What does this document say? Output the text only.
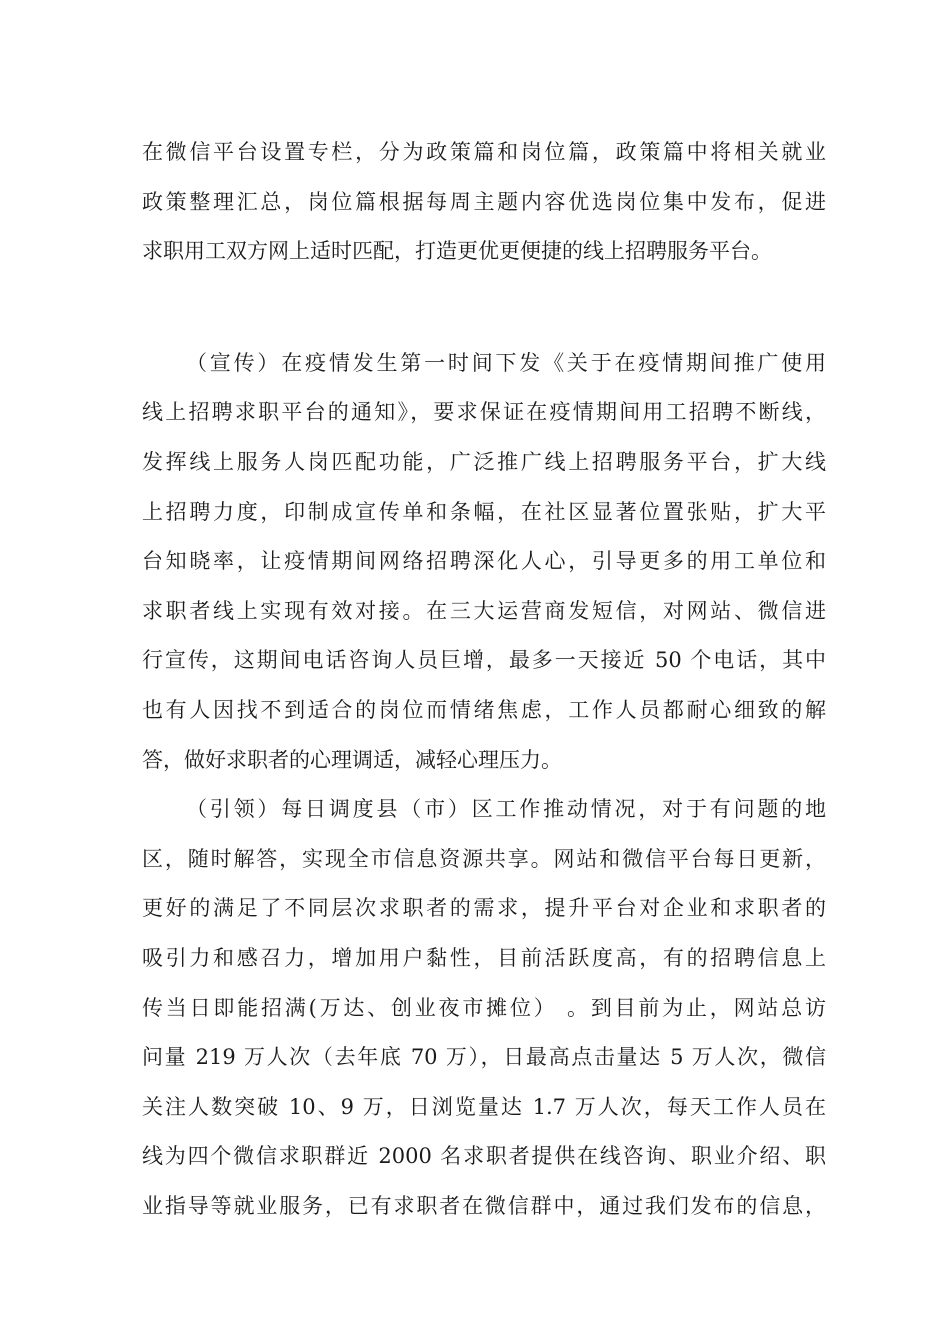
在微信平台设置专栏，分为政策篇和岗位篇，政策篇中将相关就业
政策整理汇总，岗位篇根据每周主题内容优选岗位集中发布，促进
求职用工双方网上适时匹配，打造更优更便捷的线上招聘服务平台。
（宣传）在疫情发生第一时间下发《关于在疫情期间推广使用
线上招聘求职平台的通知》，要求保证在疫情期间用工招聘不断线，
发挥线上服务人岗匹配功能，广泛推广线上招聘服务平台，扩大线
上招聘力度，印制成宣传单和条幅，在社区显著位置张贴，扩大平
台知晓率，让疫情期间网络招聘深化人心，引导更多的用工单位和
求职者线上实现有效对接。在三大运营商发短信，对网站、微信进
行宣传，这期间电话咨询人员巨增，最多一天接近 50 个电话，其中
也有人因找不到适合的岗位而情绪焦虑，工作人员都耐心细致的解
答，做好求职者的心理调适，减轻心理压力。
（引领）每日调度县（市）区工作推动情况，对于有问题的地
区，随时解答，实现全市信息资源共享。网站和微信平台每日更新，
更好的满足了不同层次求职者的需求，提升平台对企业和求职者的
吸引力和感召力，增加用户黏性，目前活跃度高，有的招聘信息上
传当日即能招满(万达、创业夜市摊位） 。到目前为止，网站总访
问量 219 万人次（去年底 70 万），日最高点击量达 5 万人次，微信
关注人数突破 10、9 万，日浏览量达 1.7 万人次，每天工作人员在
线为四个微信求职群近 2000 名求职者提供在线咨询、职业介绍、职
业指导等就业服务，已有求职者在微信群中，通过我们发布的信息，
